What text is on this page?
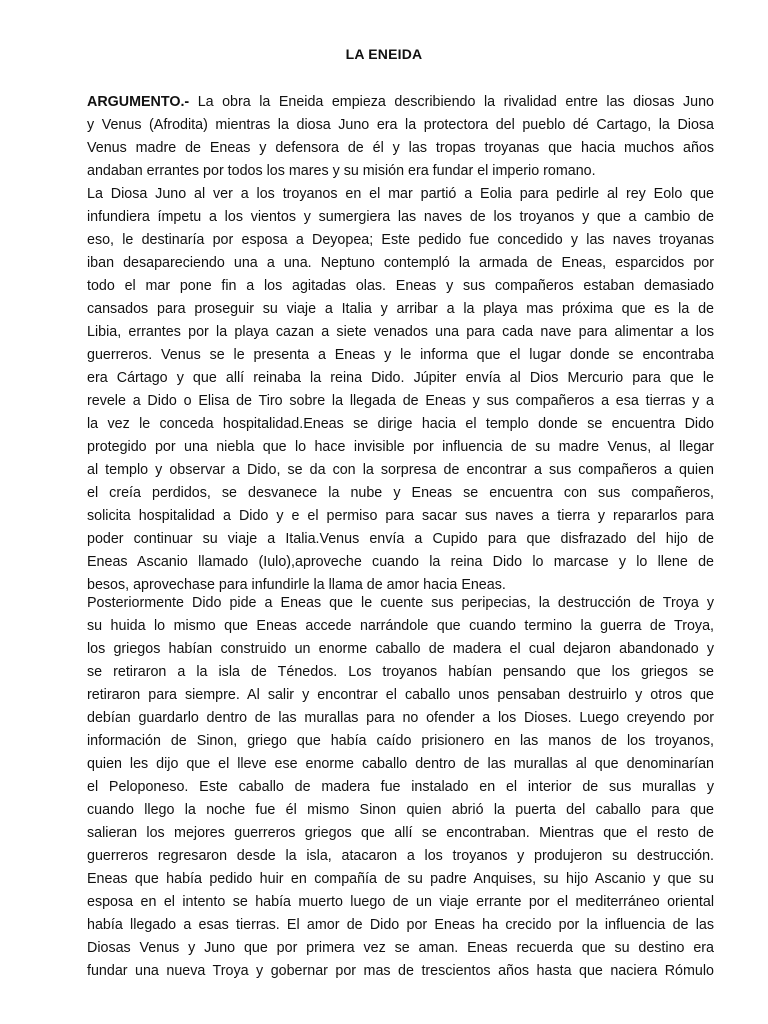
LA ENEIDA
ARGUMENTO.- La obra la Eneida empieza describiendo la rivalidad entre las diosas Juno
y Venus (Afrodita) mientras la diosa Juno era la protectora del pueblo dé Cartago, la Diosa
Venus madre de Eneas y defensora de él y las tropas troyanas que hacia muchos años
andaban errantes por todos los mares y su misión era fundar el imperio romano.
La Diosa Juno al ver a los troyanos en el mar partió a Eolia para pedirle al rey Eolo que
infundiera ímpetu a los vientos y sumergiera las naves de los troyanos y que a cambio de
eso, le destinaría por esposa a Deyopea; Este pedido fue concedido y las naves troyanas
iban desapareciendo una a una. Neptuno contempló la armada de Eneas, esparcidos por
todo el mar pone fin a los agitadas olas. Eneas y sus compañeros estaban demasiado
cansados para proseguir su viaje a Italia y arribar a la playa mas próxima que es la de
Libia, errantes por la playa cazan a siete venados una para cada nave para alimentar a los
guerreros. Venus se le presenta a Eneas y le informa que el lugar donde se encontraba
era Cártago y que allí reinaba la reina Dido. Júpiter envía al Dios Mercurio para que le
revele a Dido o Elisa de Tiro sobre la llegada de Eneas y sus compañeros a esa tierras y a
la vez le conceda hospitalidad.Eneas se dirige hacia el templo donde se encuentra Dido
protegido por una niebla que lo hace invisible por influencia de su madre Venus, al llegar
al templo y observar a Dido, se da con la sorpresa de encontrar a sus compañeros a quien
el creía perdidos, se desvanece la nube y Eneas se encuentra con sus compañeros,
solicita hospitalidad a Dido y e el permiso para sacar sus naves a tierra y repararlos para
poder continuar su viaje a Italia.Venus envía a Cupido para que disfrazado del hijo de
Eneas Ascanio llamado (Iulo),aproveche cuando la reina Dido lo marcase y lo llene de
besos, aprovechase para infundirle la llama de amor hacia Eneas.
Posteriormente Dido pide a Eneas que le cuente sus peripecias, la destrucción de Troya y
su huida lo mismo que Eneas accede narrándole que cuando termino la guerra de Troya,
los griegos habían construido un enorme caballo de madera el cual dejaron abandonado y
se retiraron a la isla de Ténedos. Los troyanos habían pensando que los griegos se
retiraron para siempre. Al salir y encontrar el caballo unos pensaban destruirlo y otros que
debían guardarlo dentro de las murallas para no ofender a los Dioses. Luego creyendo por
información de Sinon, griego que había caído prisionero en las manos de los troyanos,
quien les dijo que el lleve ese enorme caballo dentro de las murallas al que denominarían
el Peloponeso. Este caballo de madera fue instalado en el interior de sus murallas y
cuando llego la noche fue él mismo Sinon quien abrió la puerta del caballo para que
salieran los mejores guerreros griegos que allí se encontraban. Mientras que el resto de
guerreros regresaron desde la isla, atacaron a los troyanos y produjeron su destrucción.
Eneas que había pedido huir en compañía de su padre Anquises, su hijo Ascanio y que su
esposa en el intento se había muerto luego de un viaje errante por el mediterráneo oriental
había llegado a esas tierras. El amor de Dido por Eneas ha crecido por la influencia de las
Diosas Venus y Juno que por primera vez se aman. Eneas recuerda que su destino era
fundar una nueva Troya y gobernar por mas de trescientos años hasta que naciera Rómulo
